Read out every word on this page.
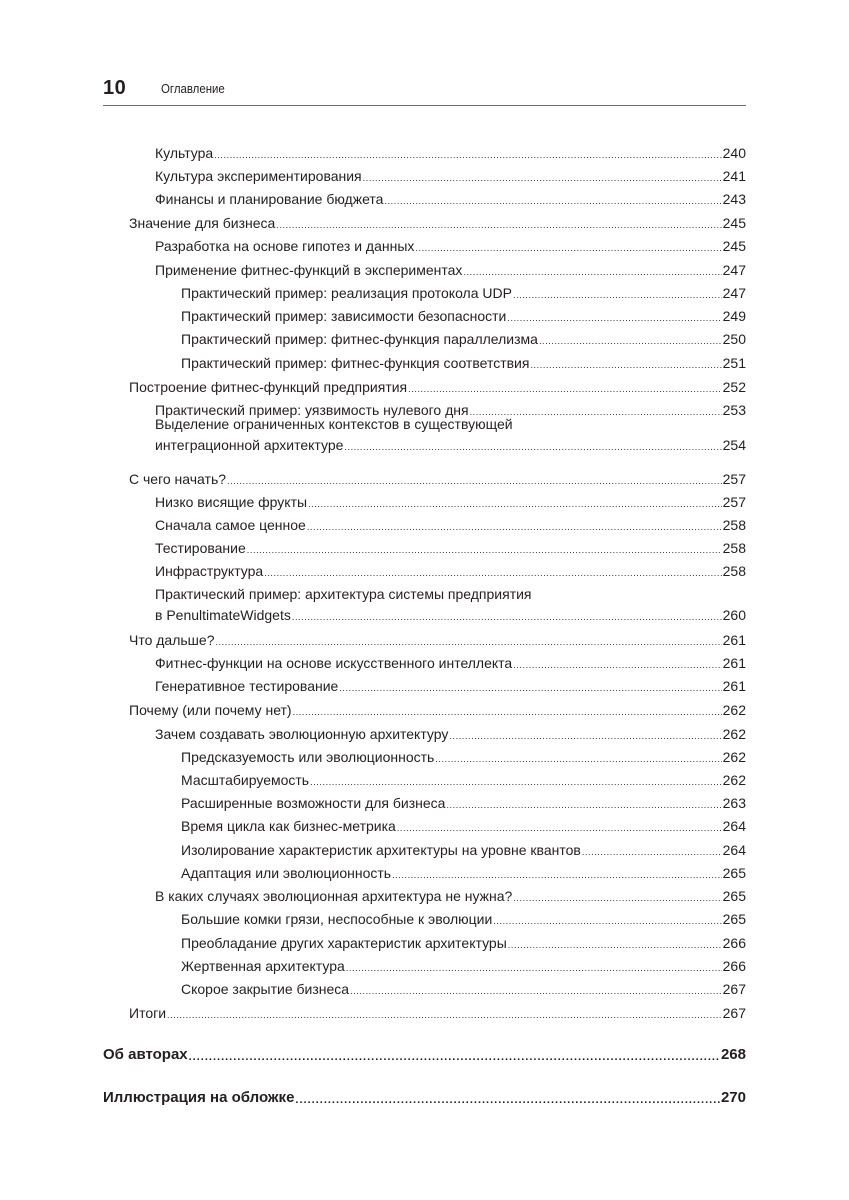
10	Оглавление
Культура .....	240
Культура экспериментирования .....	241
Финансы и планирование бюджета .....	243
Значение для бизнеса .....	245
Разработка на основе гипотез и данных .....	245
Применение фитнес-функций в экспериментах .....	247
Практический пример: реализация протокола UDP .....	247
Практический пример: зависимости безопасности .....	249
Практический пример: фитнес-функция параллелизма .....	250
Практический пример: фитнес-функция соответствия .....	251
Построение фитнес-функций предприятия .....	252
Практический пример: уязвимость нулевого дня .....	253
Выделение ограниченных контекстов в существующей
интеграционной архитектуре .....	254
С чего начать? .....	257
Низко висящие фрукты .....	257
Сначала самое ценное .....	258
Тестирование .....	258
Инфраструктура .....	258
Практический пример: архитектура системы предприятия
в PenultimateWidgets .....	260
Что дальше? .....	261
Фитнес-функции на основе искусственного интеллекта .....	261
Генеративное тестирование .....	261
Почему (или почему нет) .....	262
Зачем создавать эволюционную архитектуру .....	262
Предсказуемость или эволюционность .....	262
Масштабируемость .....	262
Расширенные возможности для бизнеса .....	263
Время цикла как бизнес-метрика .....	264
Изолирование характеристик архитектуры на уровне квантов .....	264
Адаптация или эволюционность .....	265
В каких случаях эволюционная архитектура не нужна? .....	265
Большие комки грязи, неспособные к эволюции .....	265
Преобладание других характеристик архитектуры .....	266
Жертвенная архитектура .....	266
Скорое закрытие бизнеса .....	267
Итоги .....	267
Об авторах .....	268
Иллюстрация на обложке .....	270
